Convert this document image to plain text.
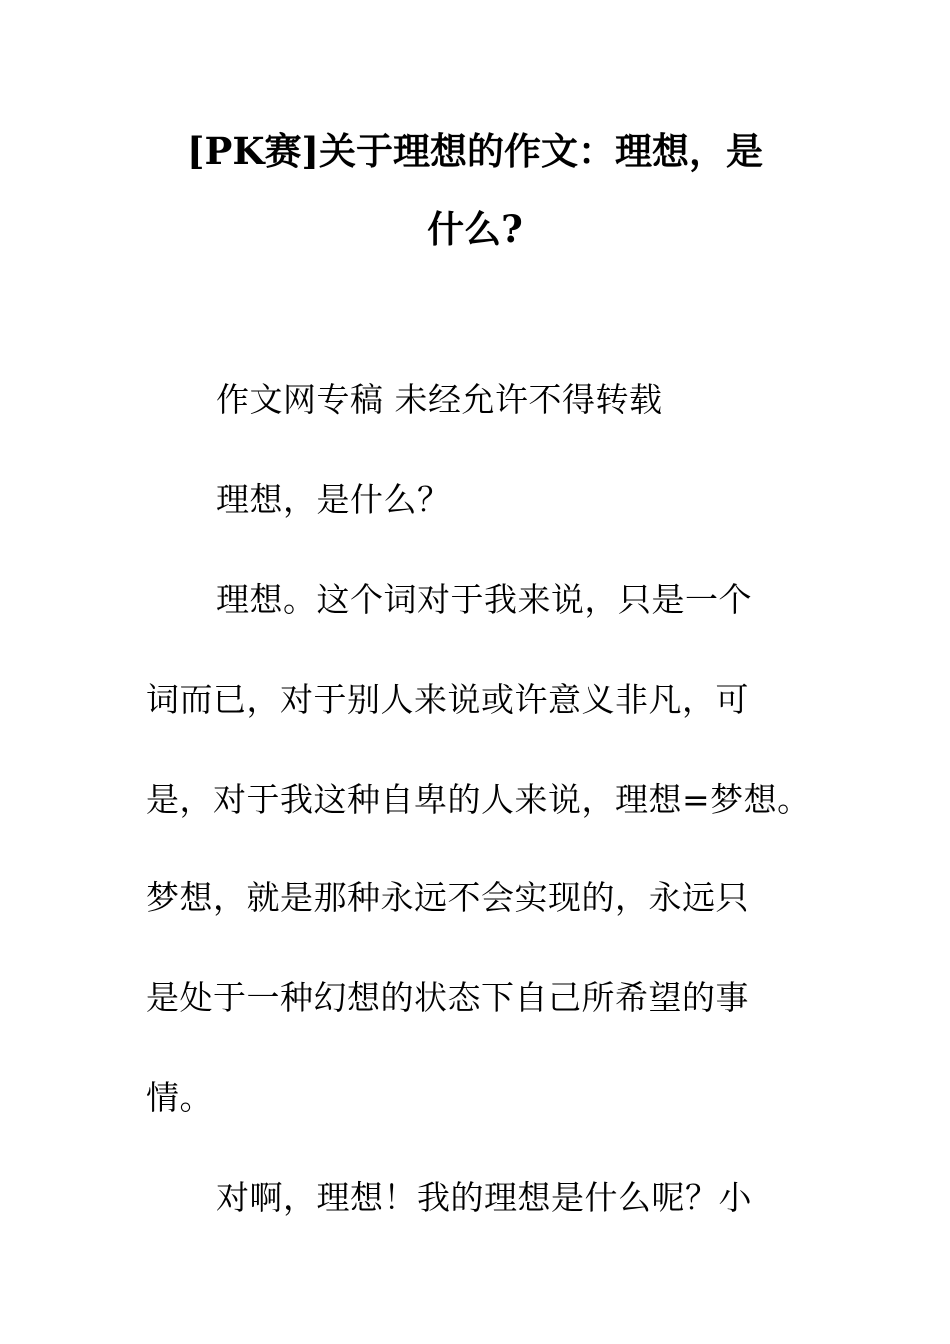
[PK赛]关于理想的作文：理想，是
什么?
作文网专稿 未经允许不得转载
理想，是什么？
理想。这个词对于我来说，只是一个
词而已，对于别人来说或许意义非凡，可
是，对于我这种自卑的人来说，理想=梦想。
梦想，就是那种永远不会实现的，永远只
是处于一种幻想的状态下自己所希望的事
情。
对啊，理想！我的理想是什么呢？小
